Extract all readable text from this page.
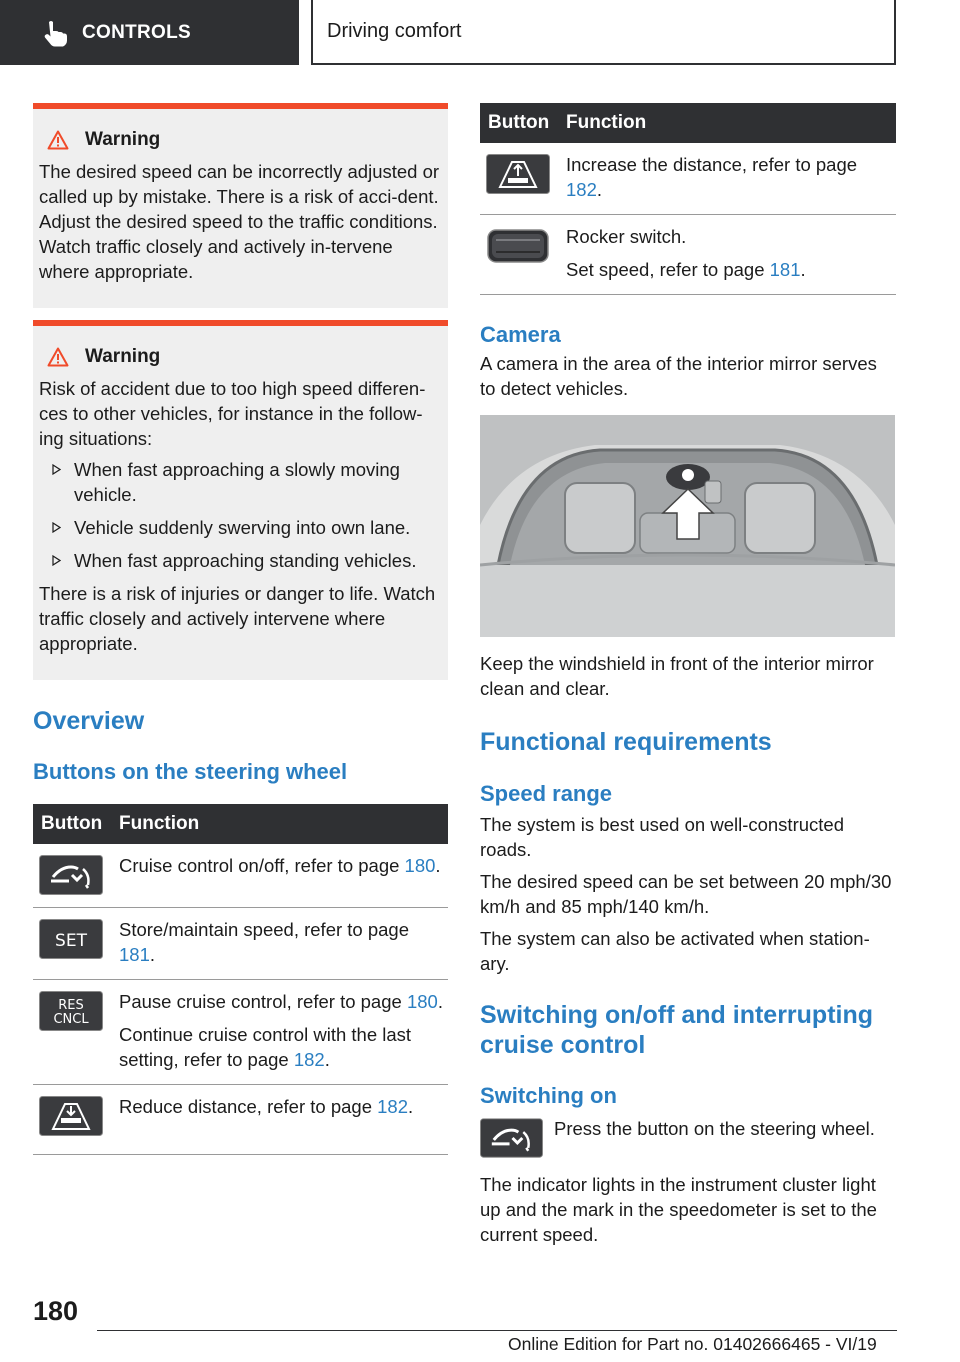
CONTROLS	Driving comfort
Warning

The desired speed can be incorrectly adjusted or called up by mistake. There is a risk of acci‐dent. Adjust the desired speed to the traffic conditions. Watch traffic closely and actively in‐tervene where appropriate.

Warning

Risk of accident due to too high speed differen‐ces to other vehicles, for instance in the follow‐ing situations:

When fast approaching a slowly moving vehicle.
Vehicle suddenly swerving into own lane.
When fast approaching standing vehicles.

There is a risk of injuries or danger to life. Watch traffic closely and actively intervene where appropriate.

Overview
Buttons on the steering wheel
Button Function

Cruise control on/off, refer to page 180.

SET

Store/maintain speed, refer to page 181.

RES
CNCL

Pause cruise control, refer to page 180.

Continue cruise control with the last setting, refer to page 182.

Reduce distance, refer to page 182.

Button Function

Increase the distance, refer to page 182.

Rocker switch.

Set speed, refer to page 181.

Camera

A camera in the area of the interior mirror serves to detect vehicles.

Keep the windshield in front of the interior mirror clean and clear.

Functional requirements
Speed range

The system is best used on well-constructed roads.

The desired speed can be set between 20 mph/30 km/h and 85 mph/140 km/h.

The system can also be activated when station‐ary.

Switching on/off and interrupting cruise control
Switching on

Press the button on the steering wheel.

The indicator lights in the instrument cluster light up and the mark in the speedometer is set to the current speed.

180
Online Edition for Part no. 01402666465 - VI/19
